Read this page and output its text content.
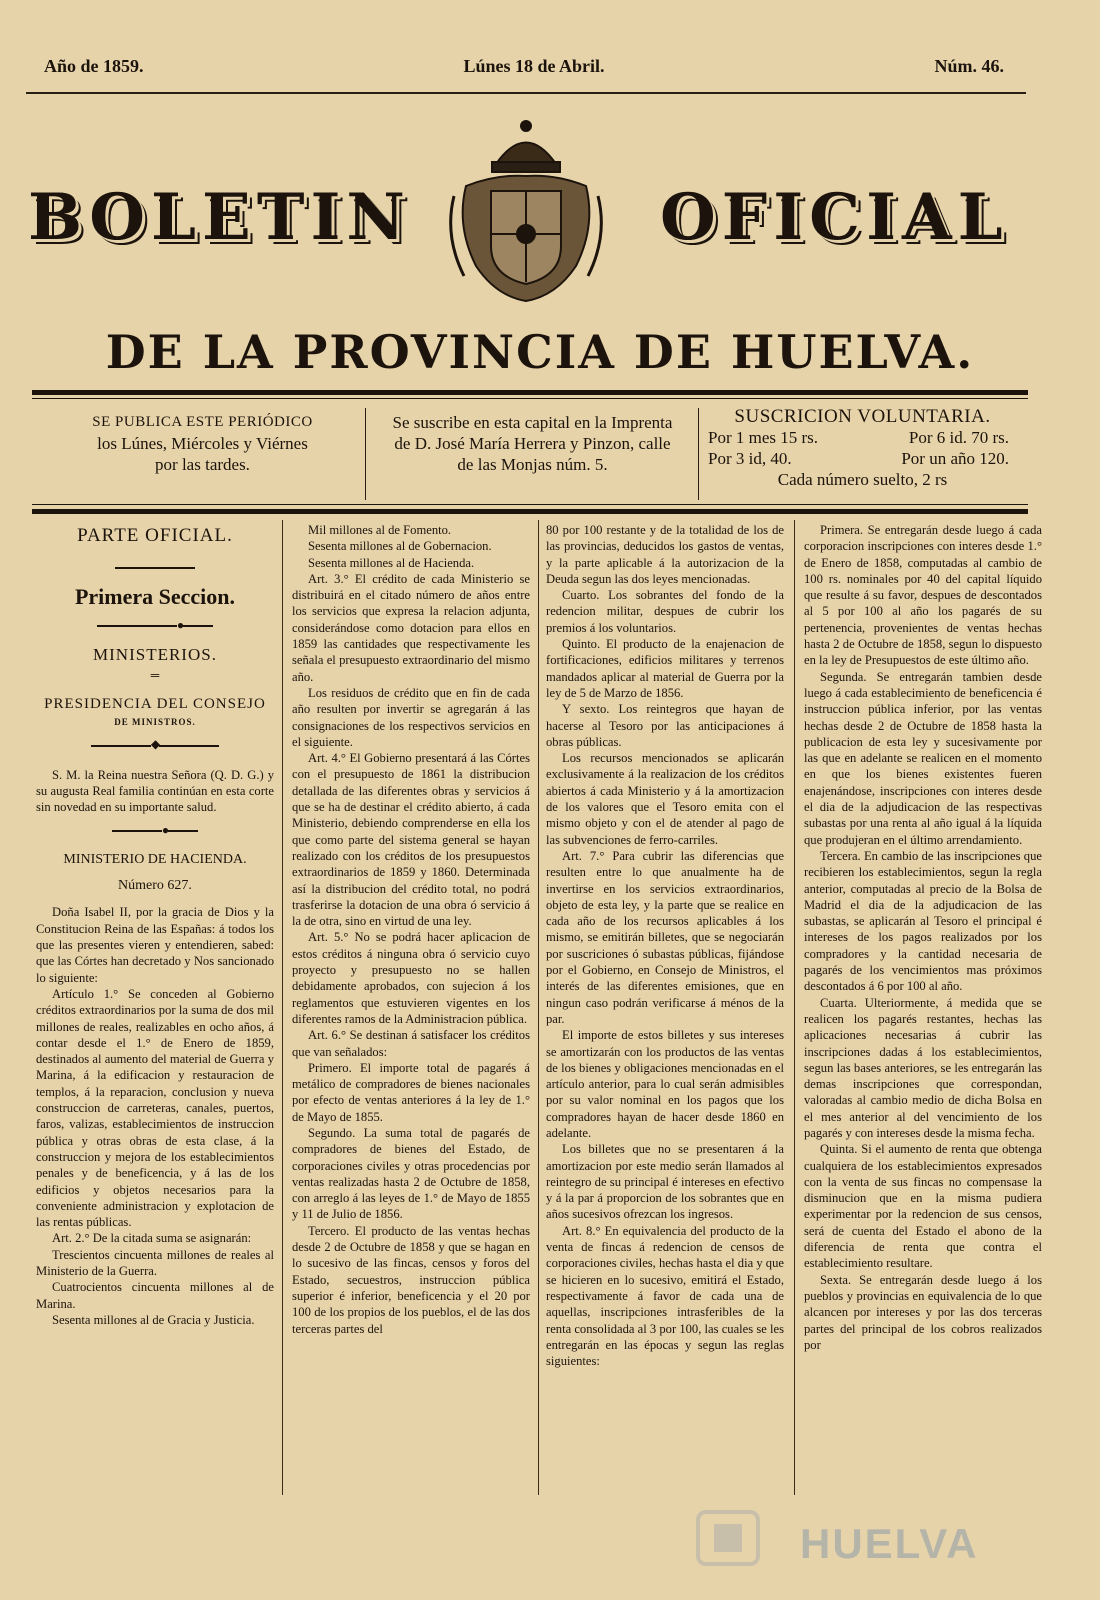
Año de 1859.	Lúnes 18 de Abril.	Núm. 46.
BOLETIN	OFICIAL
DE LA PROVINCIA DE HUELVA.
SE PUBLICA ESTE PERIÓDICO
los Lúnes, Miércoles y Viérnes
por las tardes.
Se suscribe en esta capital en la Imprenta
de D. José María Herrera y Pinzon, calle
de las Monjas núm. 5.
SUSCRICION VOLUNTARIA.
Por 1 mes 15 rs.	Por 6 id. 70 rs.
Por 3 id, 40.	Por un año 120.
Cada número suelto, 2 rs
PARTE OFICIAL.
Primera Seccion.
●
MINISTERIOS.
═
PRESIDENCIA DEL CONSEJO
DE MINISTROS.
◆

S. M. la Reina nuestra Señora (Q. D. G.) y su augusta Real familia continúan en esta corte sin novedad en su importante salud.

●
MINISTERIO DE HACIENDA.
Número 627.

Doña Isabel II, por la gracia de Dios y la Constitucion Reina de las Españas: á todos los que las presentes vieren y entendieren, sabed: que las Córtes han decretado y Nos sancionado lo siguiente:

Artículo 1.° Se conceden al Gobierno créditos extraordinarios por la suma de dos mil millones de reales, realizables en ocho años, á contar desde el 1.° de Enero de 1859, destinados al aumento del material de Guerra y Marina, á la edificacion y restauracion de templos, á la reparacion, conclusion y nueva construccion de carreteras, canales, puertos, faros, valizas, establecimientos de instruccion pública y otras obras de esta clase, á la construccion y mejora de los establecimientos penales y de beneficencia, y á las de los edificios y objetos necesarios para la conveniente administracion y explotacion de las rentas públicas.

Art. 2.° De la citada suma se asignarán:

Trescientos cincuenta millones de reales al Ministerio de la Guerra.

Cuatrocientos cincuenta millones al de Marina.

Sesenta millones al de Gracia y Justicia.

Mil millones al de Fomento.

Sesenta millones al de Gobernacion.

Sesenta millones al de Hacienda.

Art. 3.° El crédito de cada Ministerio se distribuirá en el citado número de años entre los servicios que expresa la relacion adjunta, considerándose como dotacion para ellos en 1859 las cantidades que respectivamente les señala el presupuesto extraordinario del mismo año.

Los residuos de crédito que en fin de cada año resulten por invertir se agregarán á las consignaciones de los respectivos servicios en el siguiente.

Art. 4.° El Gobierno presentará á las Córtes con el presupuesto de 1861 la distribucion detallada de las diferentes obras y servicios á que se ha de destinar el crédito abierto, á cada Ministerio, debiendo comprenderse en ella los que como parte del sistema general se hayan realizado con los créditos de los presupuestos extraordinarios de 1859 y 1860. Determinada así la distribucion del crédito total, no podrá trasferirse la dotacion de una obra ó servicio á la de otra, sino en virtud de una ley.

Art. 5.° No se podrá hacer aplicacion de estos créditos á ninguna obra ó servicio cuyo proyecto y presupuesto no se hallen debidamente aprobados, con sujecion á los reglamentos que estuvieren vigentes en los diferentes ramos de la Administracion pública.

Art. 6.° Se destinan á satisfacer los créditos que van señalados:

Primero. El importe total de pagarés á metálico de compradores de bienes nacionales por efecto de ventas anteriores á la ley de 1.° de Mayo de 1855.

Segundo. La suma total de pagarés de compradores de bienes del Estado, de corporaciones civiles y otras procedencias por ventas realizadas hasta 2 de Octubre de 1858, con arreglo á las leyes de 1.° de Mayo de 1855 y 11 de Julio de 1856.

Tercero. El producto de las ventas hechas desde 2 de Octubre de 1858 y que se hagan en lo sucesivo de las fincas, censos y foros del Estado, secuestros, instruccion pública superior é inferior, beneficencia y el 20 por 100 de los propios de los pueblos, el de las dos terceras partes del

80 por 100 restante y de la totalidad de los de las provincias, deducidos los gastos de ventas, y la parte aplicable á la autorizacion de la Deuda segun las dos leyes mencionadas.

Cuarto. Los sobrantes del fondo de la redencion militar, despues de cubrir los premios á los voluntarios.

Quinto. El producto de la enajenacion de fortificaciones, edificios militares y terrenos mandados aplicar al material de Guerra por la ley de 5 de Marzo de 1856.

Y sexto. Los reintegros que hayan de hacerse al Tesoro por las anticipaciones á obras públicas.

Los recursos mencionados se aplicarán exclusivamente á la realizacion de los créditos abiertos á cada Ministerio y á la amortizacion de los valores que el Tesoro emita con el mismo objeto y con el de atender al pago de las subvenciones de ferro-carriles.

Art. 7.° Para cubrir las diferencias que resulten entre lo que anualmente ha de invertirse en los servicios extraordinarios, objeto de esta ley, y la parte que se realice en cada año de los recursos aplicables á los mismo, se emitirán billetes, que se negociarán por suscriciones ó subastas públicas, fijándose por el Gobierno, en Consejo de Ministros, el interés de las diferentes emisiones, que en ningun caso podrán verificarse á ménos de la par.

El importe de estos billetes y sus intereses se amortizarán con los productos de las ventas de los bienes y obligaciones mencionadas en el artículo anterior, para lo cual serán admisibles por su valor nominal en los pagos que los compradores hayan de hacer desde 1860 en adelante.

Los billetes que no se presentaren á la amortizacion por este medio serán llamados al reintegro de su principal é intereses en efectivo y á la par á proporcion de los sobrantes que en años sucesivos ofrezcan los ingresos.

Art. 8.° En equivalencia del producto de la venta de fincas á redencion de censos de corporaciones civiles, hechas hasta el dia y que se hicieren en lo sucesivo, emitirá el Estado, respectivamente á favor de cada una de aquellas, inscripciones intrasferibles de la renta consolidada al 3 por 100, las cuales se les entregarán en las épocas y segun las reglas siguientes:

Primera. Se entregarán desde luego á cada corporacion inscripciones con interes desde 1.° de Enero de 1858, computadas al cambio de 100 rs. nominales por 40 del capital líquido que resulte á su favor, despues de descontados al 5 por 100 al año los pagarés de su pertenencia, provenientes de ventas hechas hasta 2 de Octubre de 1858, segun lo dispuesto en la ley de Presupuestos de este último año.

Segunda. Se entregarán tambien desde luego á cada establecimiento de beneficencia é instruccion pública inferior, por las ventas hechas desde 2 de Octubre de 1858 hasta la publicacion de esta ley y sucesivamente por las que en adelante se realicen en el momento en que los bienes existentes fueren enajenándose, inscripciones con interes desde el dia de la adjudicacion de las respectivas subastas por una renta al año igual á la líquida que produjeran en el último arrendamiento.

Tercera. En cambio de las inscripciones que recibieren los establecimientos, segun la regla anterior, computadas al precio de la Bolsa de Madrid el dia de la adjudicacion de las subastas, se aplicarán al Tesoro el principal é intereses de los pagos realizados por los compradores y la cantidad necesaria de pagarés de los vencimientos mas próximos descontados á 6 por 100 al año.

Cuarta. Ulteriormente, á medida que se realicen los pagarés restantes, hechas las aplicaciones necesarias á cubrir las inscripciones dadas á los establecimientos, segun las bases anteriores, se les entregarán las demas inscripciones que correspondan, valoradas al cambio medio de dicha Bolsa en el mes anterior al del vencimiento de los pagarés y con intereses desde la misma fecha.

Quinta. Si el aumento de renta que obtenga cualquiera de los establecimientos expresados con la venta de sus fincas no compensase la disminucion que en la misma pudiera experimentar por la redencion de sus censos, será de cuenta del Estado el abono de la diferencia de renta que contra el establecimiento resultare.

Sexta. Se entregarán desde luego á los pueblos y provincias en equivalencia de lo que alcancen por intereses y por las dos terceras partes del principal de los cobros realizados por

HUELVA
